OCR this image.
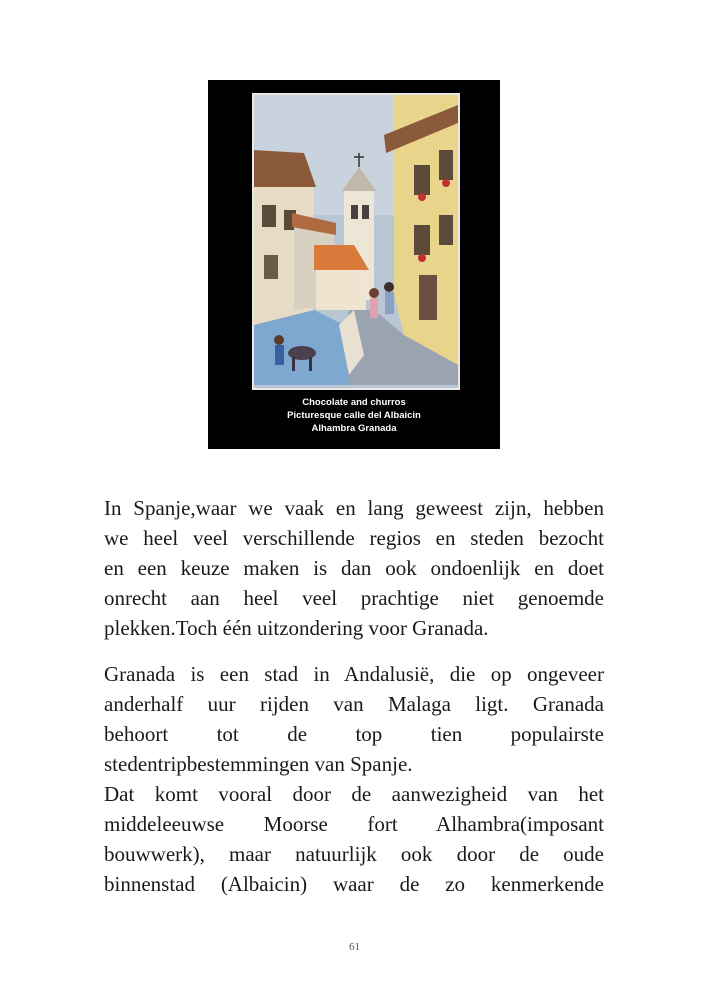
Chocolate and churros
Picturesque calle del Albaicin
Alhambra Granada
In Spanje,waar we vaak en lang geweest zijn, hebben
we heel veel verschillende regios en steden bezocht
en een keuze maken is dan ook ondoenlijk en doet
onrecht aan heel veel prachtige niet genoemde
plekken.Toch één uitzondering voor Granada.
Granada is een stad in Andalusië, die op ongeveer
anderhalf uur rijden van Malaga ligt. Granada
behoort tot de top tien populairste
stedentripbestemmingen van Spanje.
Dat komt vooral door de aanwezigheid van het
middeleeuwse Moorse fort Alhambra(imposant
bouwwerk), maar natuurlijk ook door de oude
binnenstad (Albaicin) waar de zo kenmerkende
61
